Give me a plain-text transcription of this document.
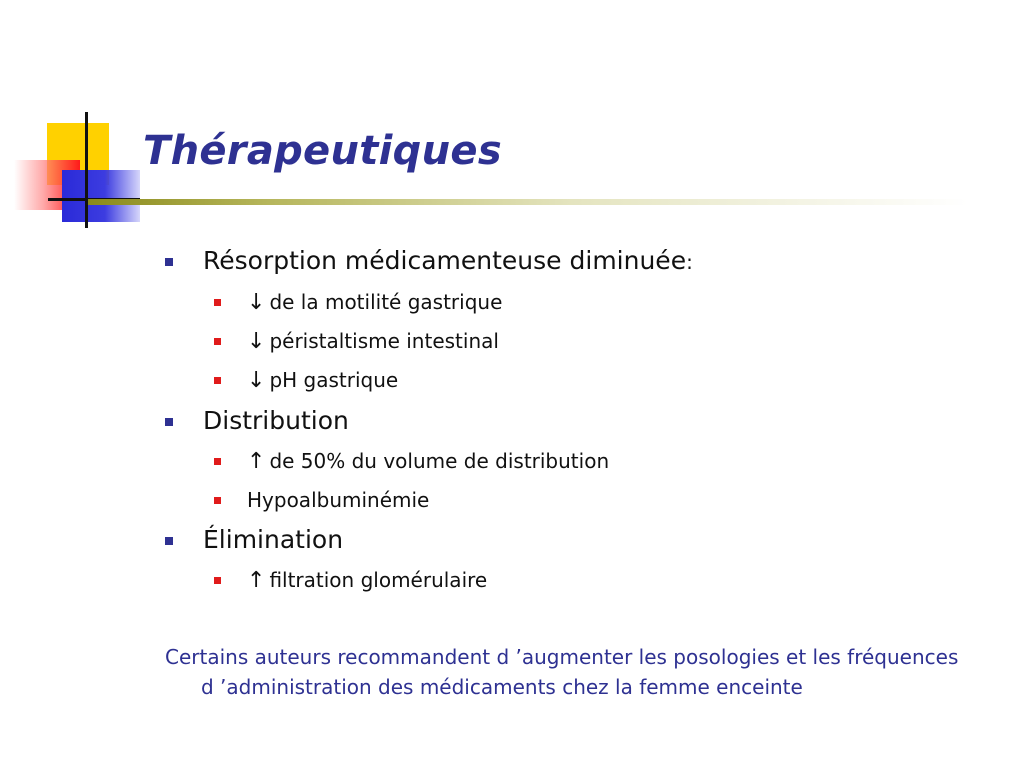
Thérapeutiques
Résorption médicamenteuse diminuée:
↓ de la motilité gastrique
↓ péristaltisme intestinal
↓ pH gastrique
Distribution
↑ de 50% du volume de distribution
Hypoalbuminémie
Élimination
↑ filtration glomérulaire
Certains auteurs recommandent d ’augmenter les posologies et les fréquences d ’administration des médicaments chez la femme enceinte
